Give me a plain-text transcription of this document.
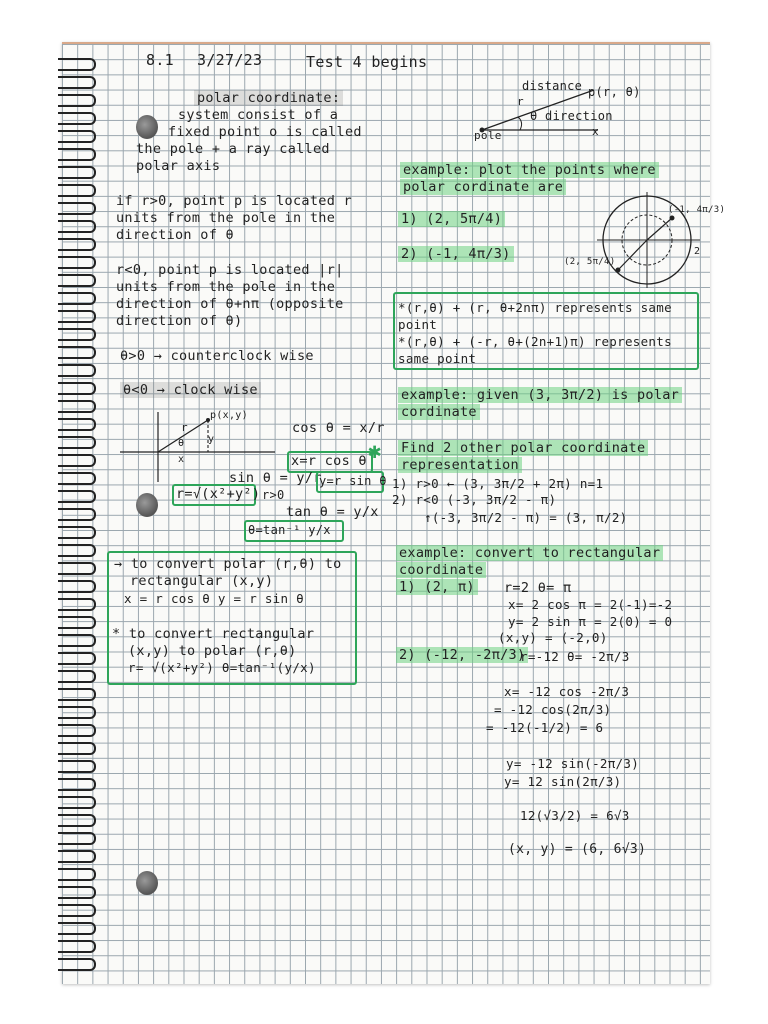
8.1 3/27/23	Test 4 begins
polar coordinate:
system consist of a
fixed point o is called
the pole + a ray called
polar axis
distance p(r, θ)
r
θ direction
pole	x
if r>0, point p is located r
units from the pole in the
direction of θ
r<0, point p is located |r|
units from the pole in the
direction of θ+nπ (opposite
direction of θ)
θ>0 → counterclock wise
θ<0 → clock wise
p(x,y)
r
y
θ
x
cos θ = x/r
x=r cos θ
sin θ = y/r
y=r sin θ
✱
r=√(x²+y²) r>0
tan θ = y/x
θ=tan⁻¹ y/x
→ to convert polar (r,θ) to
rectangular (x,y)
x = r cos θ y = r sin θ
* to convert rectangular
(x,y) to polar (r,θ)
r= √(x²+y²) θ=tan⁻¹(y/x)
example: plot the points where
polar cordinate are
1) (2, 5π/4)
2) (-1, 4π/3)
(-1, 4π/3)
(2, 5π/4)
2
*(r,θ) + (r, θ+2nπ) represents same
point
*(r,θ) + (-r, θ+(2n+1)π) represents
same point
example: given (3, 3π/2) is polar
cordinate
Find 2 other polar coordinate
representation
1) r>0 ← (3, 3π/2 + 2π) n=1
2) r<0 (-3, 3π/2 - π)
↑(-3, 3π/2 - π) = (3, π/2)
example: convert to rectangular
coordinate
1) (2, π) r=2 θ= π
x= 2 cos π = 2(-1)=-2
y= 2 sin π = 2(0) = 0
(x,y) = (-2,0)
2) (-12, -2π/3)
r=-12 θ= -2π/3
x= -12 cos -2π/3
= -12 cos(2π/3)
= -12(-1/2) = 6
y= -12 sin(-2π/3)
y= 12 sin(2π/3)
12(√3/2) = 6√3
(x, y) = (6, 6√3)
